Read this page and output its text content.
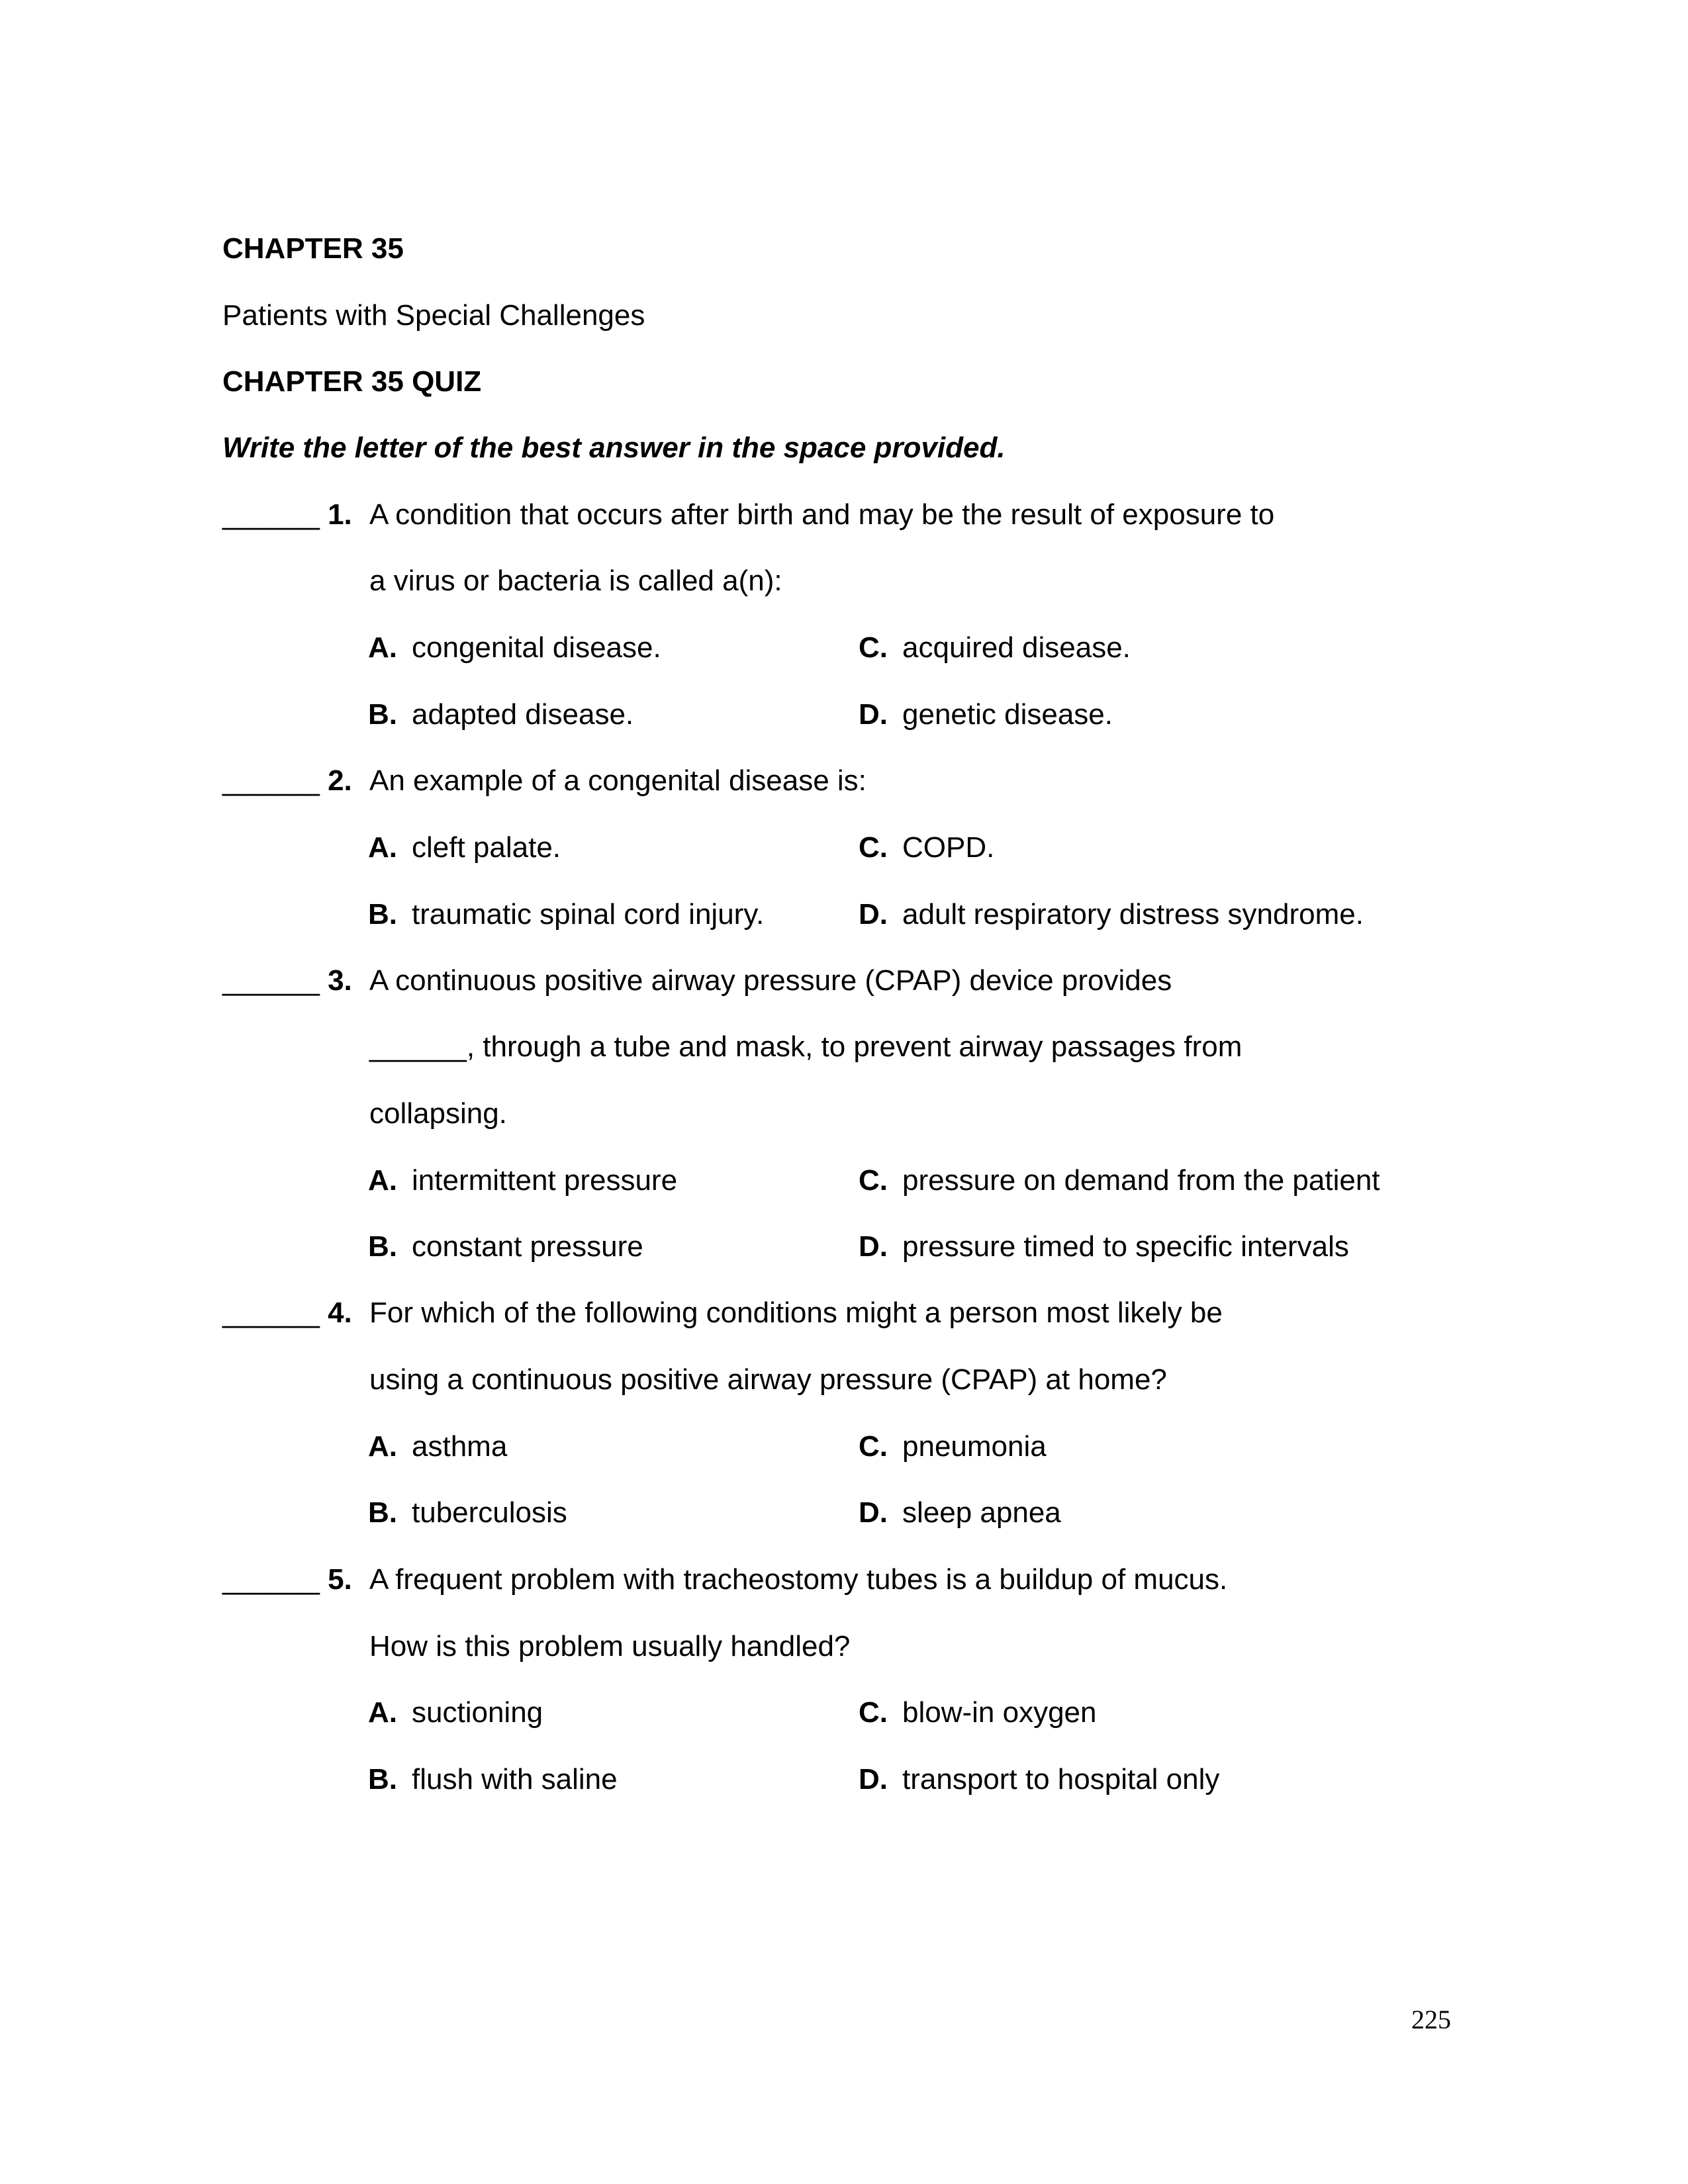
CHAPTER 35
Patients with Special Challenges
CHAPTER 35 QUIZ
Write the letter of the best answer in the space provided.
______ 1. A condition that occurs after birth and may be the result of exposure to
a virus or bacteria is called a(n):
A. congenital disease.
B. adapted disease.
C. acquired disease.
D. genetic disease.
______ 2. An example of a congenital disease is:
A. cleft palate.
B. traumatic spinal cord injury.
C. COPD.
D. adult respiratory distress syndrome.
______ 3. A continuous positive airway pressure (CPAP) device provides
______, through a tube and mask, to prevent airway passages from
collapsing.
A. intermittent pressure
B. constant pressure
C. pressure on demand from the patient
D. pressure timed to specific intervals
______ 4. For which of the following conditions might a person most likely be
using a continuous positive airway pressure (CPAP) at home?
A. asthma
B. tuberculosis
C. pneumonia
D. sleep apnea
______ 5. A frequent problem with tracheostomy tubes is a buildup of mucus.
How is this problem usually handled?
A. suctioning
B. flush with saline
C. blow-in oxygen
D. transport to hospital only
225
